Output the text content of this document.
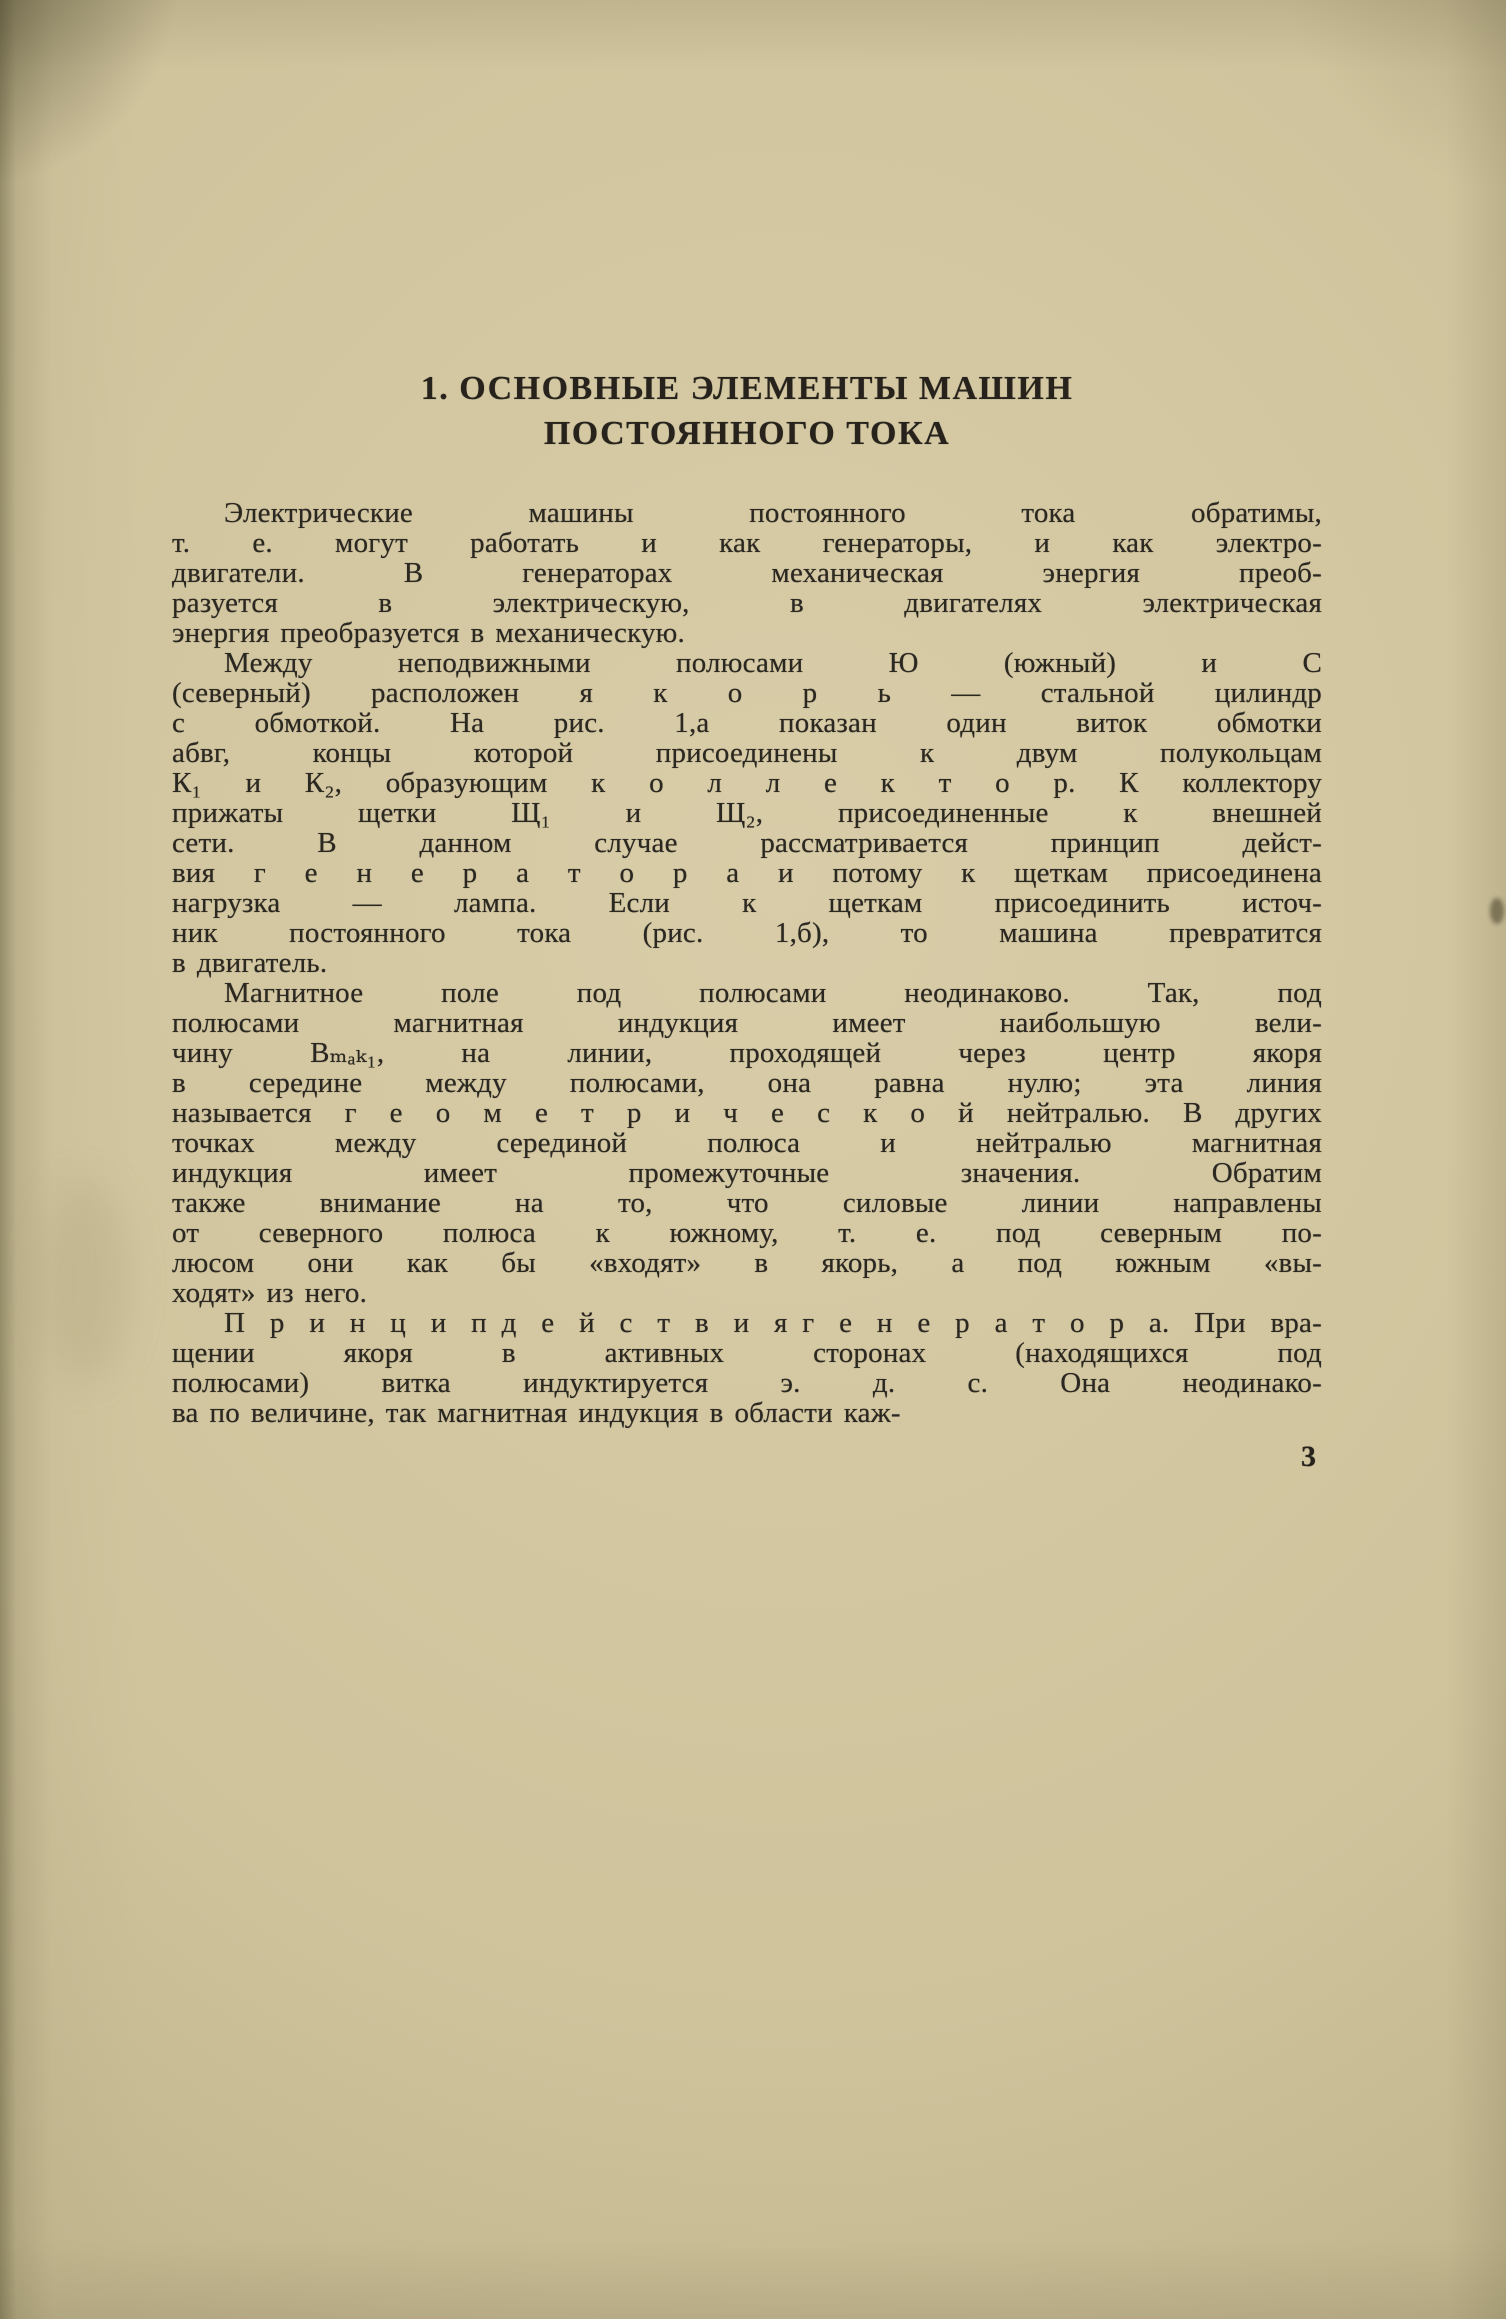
1. ОСНОВНЫЕ ЭЛЕМЕНТЫ МАШИН
ПОСТОЯННОГО ТОКА
Электрические машины постоянного тока обратимы,
т. е. могут работать и как генераторы, и как электро-
двигатели. В генераторах механическая энергия преоб-
разуется в электрическую, в двигателях электрическая
энергия преобразуется в механическую.
Между неподвижными полюсами Ю (южный) и С
(северный) расположен я к о р ь — стальной цилиндр
с обмоткой. На рис. 1,а показан один виток обмотки
абвг, концы которой присоединены к двум полукольцам
К₁ и К₂, образующим к о л л е к т о р. К коллектору
прижаты щетки Щ₁ и Щ₂, присоединенные к внешней
сети. В данном случае рассматривается принцип дейст-
вия г е н е р а т о р а и потому к щеткам присоединена
нагрузка — лампа. Если к щеткам присоединить источ-
ник постоянного тока (рис. 1,б), то машина превратится
в двигатель.
Магнитное поле под полюсами неодинаково. Так, под
полюсами магнитная индукция имеет наибольшую вели-
чину Вₘₐₖ₁, на линии, проходящей через центр якоря
в середине между полюсами, она равна нулю; эта линия
называется г е о м е т р и ч е с к о й нейтралью. В других
точках между серединой полюса и нейтралью магнитная
индукция имеет промежуточные значения. Обратим
также внимание на то, что силовые линии направлены
от северного полюса к южному, т. е. под северным по-
люсом они как бы «входят» в якорь, а под южным «вы-
ходят» из него.
П р и н ц и п д е й с т в и я г е н е р а т о р а. При вра-
щении якоря в активных сторонах (находящихся под
полюсами) витка индуктируется э. д. с. Она неодинако-
ва по величине, так магнитная индукция в области каж-
3
